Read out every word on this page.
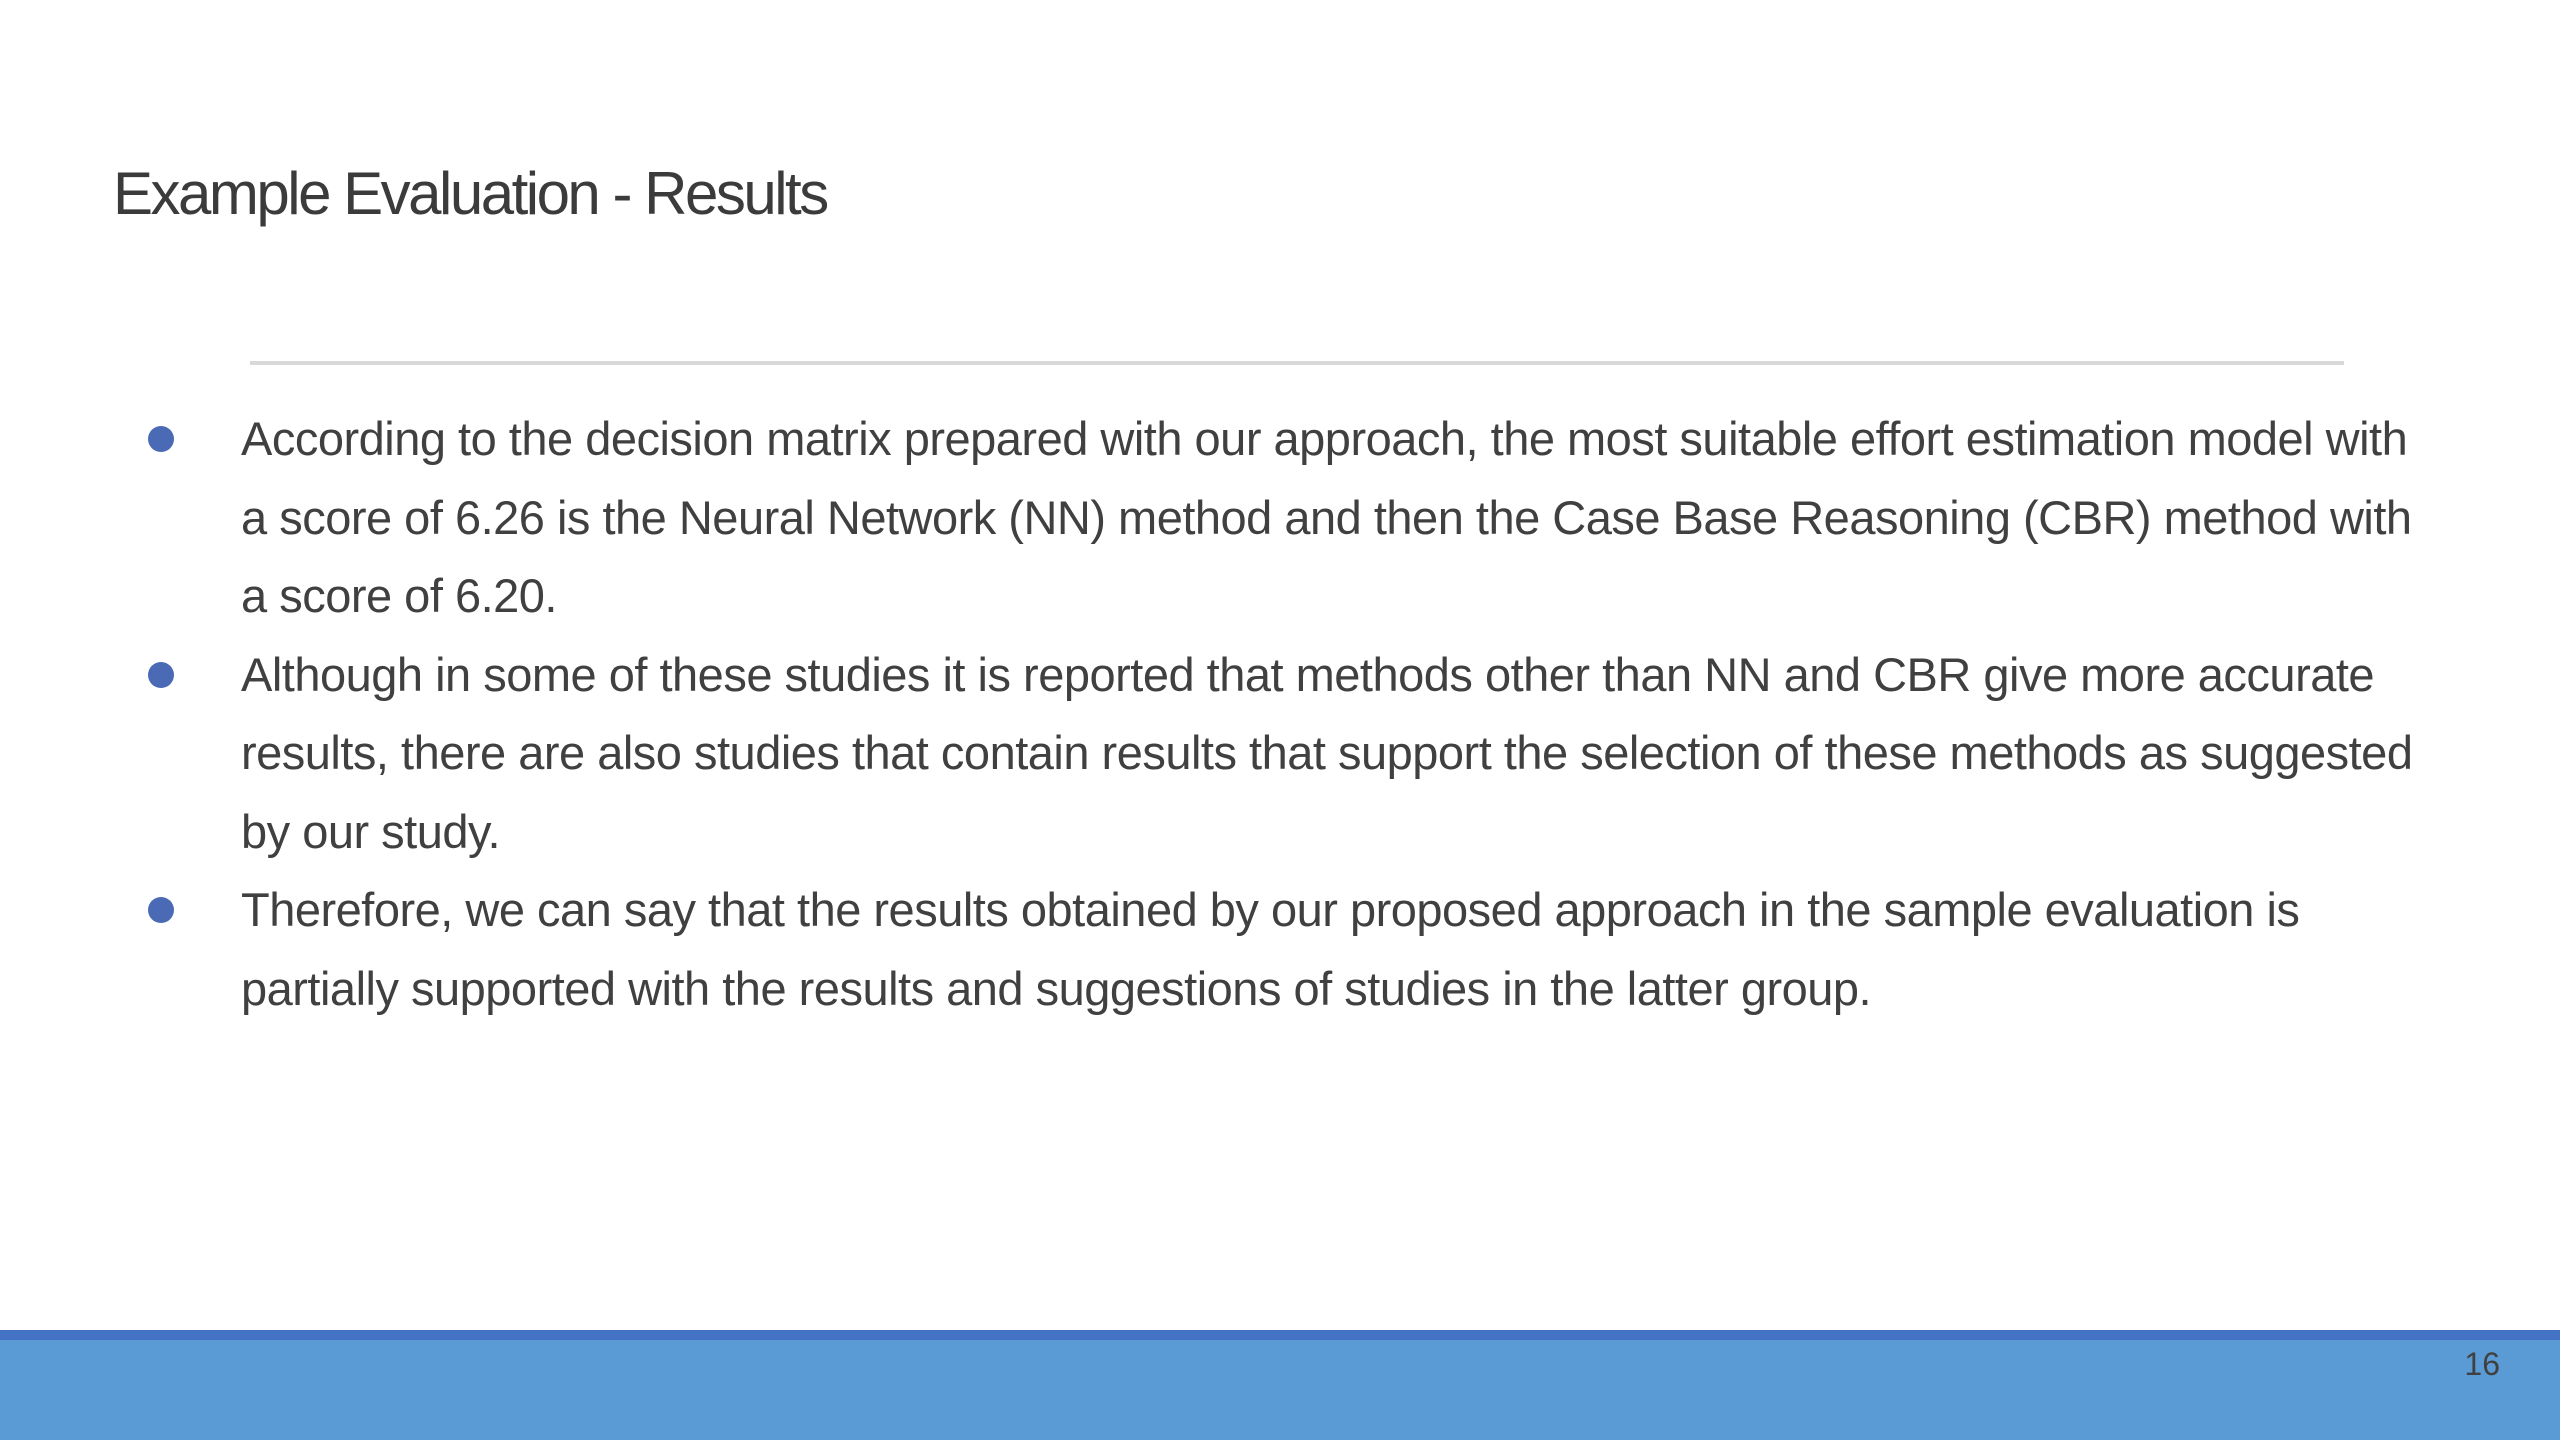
Example Evaluation - Results
According to the decision matrix prepared with our approach, the most suitable effort estimation model with a score of 6.26 is the Neural Network (NN) method and then the Case Base Reasoning (CBR) method with a score of 6.20.
Although in some of these studies it is reported that methods other than NN and CBR give more accurate results, there are also studies that contain results that support the selection of these methods as suggested by our study.
Therefore, we can say that the results obtained by our proposed approach in the sample evaluation is partially supported with the results and suggestions of studies in the latter group.
16
